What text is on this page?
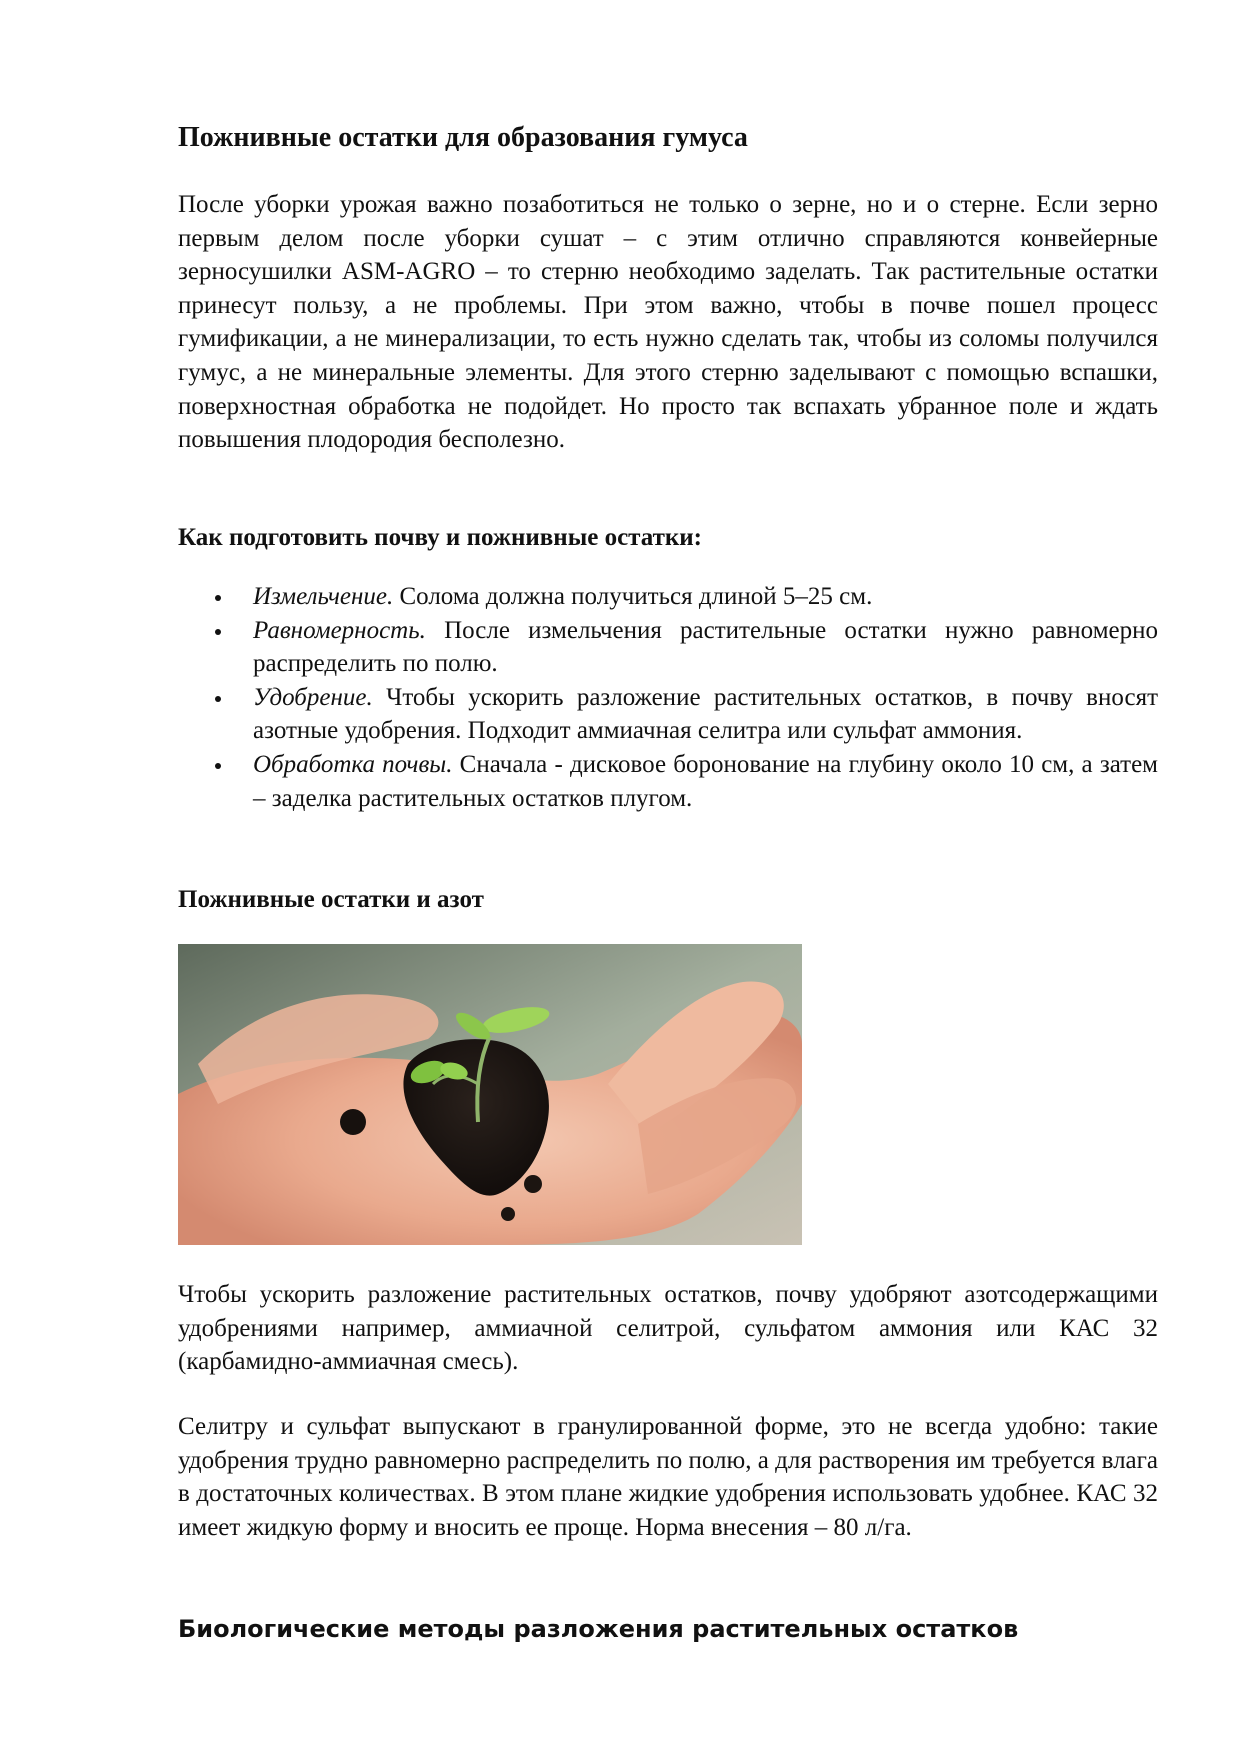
Пожнивные остатки для образования гумуса

После уборки урожая важно позаботиться не только о зерне, но и о стерне. Если зерно первым делом после уборки сушат – с этим отлично справляются конвейерные зерносушилки ASM-AGRO – то стерню необходимо заделать. Так растительные остатки принесут пользу, а не проблемы. При этом важно, чтобы в почве пошел процесс гумификации, а не минерализации, то есть нужно сделать так, чтобы из соломы получился гумус, а не минеральные элементы. Для этого стерню заделывают с помощью вспашки, поверхностная обработка не подойдет. Но просто так вспахать убранное поле и ждать повышения плодородия бесполезно.

Как подготовить почву и пожнивные остатки:
Измельчение. Солома должна получиться длиной 5–25 см.
Равномерность. После измельчения растительные остатки нужно равномерно распределить по полю.
Удобрение. Чтобы ускорить разложение растительных остатков, в почву вносят азотные удобрения. Подходит аммиачная селитра или сульфат аммония.
Обработка почвы. Сначала - дисковое боронование на глубину около 10 см, а затем – заделка растительных остатков плугом.
Пожнивные остатки и азот

Чтобы ускорить разложение растительных остатков, почву удобряют азотсодержащими удобрениями например, аммиачной селитрой, сульфатом аммония или КАС 32 (карбамидно-аммиачная смесь).

Селитру и сульфат выпускают в гранулированной форме, это не всегда удобно: такие удобрения трудно равномерно распределить по полю, а для растворения им требуется влага в достаточных количествах. В этом плане жидкие удобрения использовать удобнее. КАС 32 имеет жидкую форму и вносить ее проще. Норма внесения – 80 л/га.

Биологические методы разложения растительных остатков
